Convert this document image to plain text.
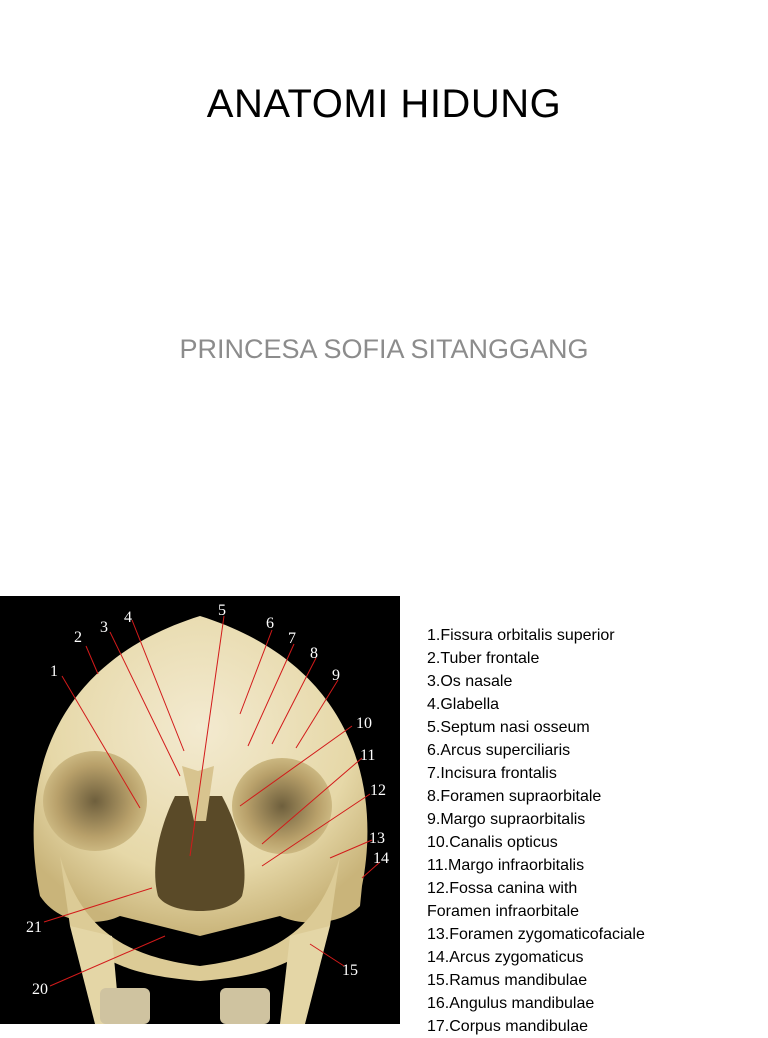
ANATOMI HIDUNG
PRINCESA SOFIA SITANGGANG
1
2
3
4	5
6
7
8
9
10
11
12
13
14
15
20
21
1.Fissura orbitalis superior
2.Tuber frontale
3.Os nasale
4.Glabella
5.Septum nasi osseum
6.Arcus superciliaris
7.Incisura frontalis
8.Foramen supraorbitale
9.Margo supraorbitalis
10.Canalis opticus
11.Margo infraorbitalis
12.Fossa canina with
Foramen infraorbitale
13.Foramen zygomaticofaciale
14.Arcus zygomaticus
15.Ramus mandibulae
16.Angulus mandibulae
17.Corpus mandibulae
